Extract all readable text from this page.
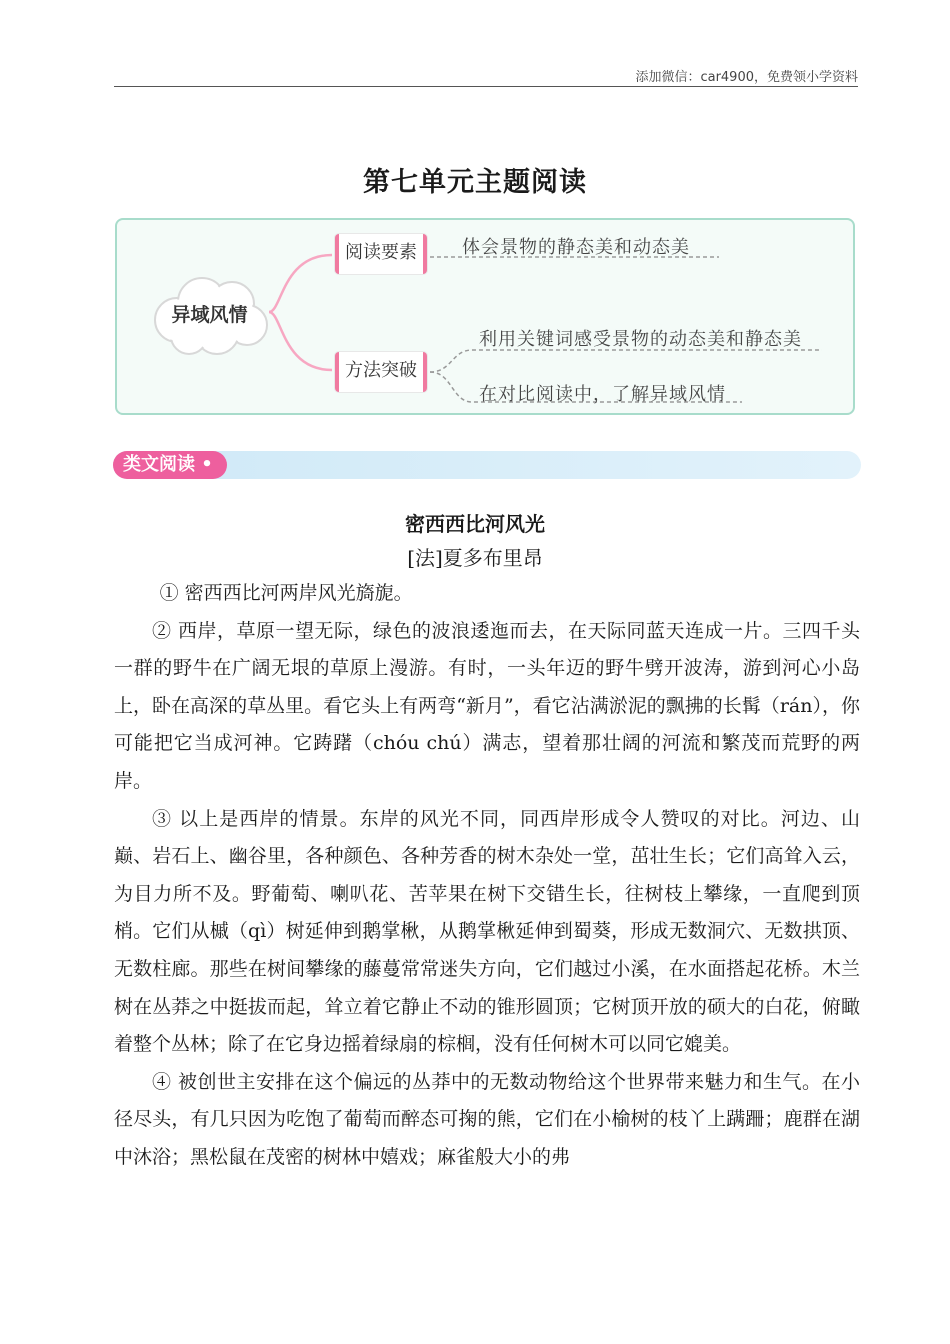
添加微信：car4900，免费领小学资料
第七单元主题阅读
异域风情
阅读要素
方法突破
体会景物的静态美和动态美
利用关键词感受景物的动态美和静态美
在对比阅读中，了解异域风情
类文阅读 •
密西西比河风光
[法]夏多布里昂

① 密西西比河两岸风光旖旎。

② 西岸，草原一望无际，绿色的波浪逶迤而去，在天际同蓝天连成一片。三四千头一群的野牛在广阔无垠的草原上漫游。有时，一头年迈的野牛劈开波涛，游到河心小岛上，卧在高深的草丛里。看它头上有两弯“新月”，看它沾满淤泥的飘拂的长髯（rán），你可能把它当成河神。它踌躇（chóu chú）满志，望着那壮阔的河流和繁茂而荒野的两岸。

③ 以上是西岸的情景。东岸的风光不同，同西岸形成令人赞叹的对比。河边、山巅、岩石上、幽谷里，各种颜色、各种芳香的树木杂处一堂，茁壮生长；它们高耸入云，为目力所不及。野葡萄、喇叭花、苦苹果在树下交错生长，往树枝上攀缘，一直爬到顶梢。它们从槭（qì）树延伸到鹅掌楸，从鹅掌楸延伸到蜀葵，形成无数洞穴、无数拱顶、无数柱廊。那些在树间攀缘的藤蔓常常迷失方向，它们越过小溪，在水面搭起花桥。木兰树在丛莽之中挺拔而起，耸立着它静止不动的锥形圆顶；它树顶开放的硕大的白花，俯瞰着整个丛林；除了在它身边摇着绿扇的棕榈，没有任何树木可以同它媲美。

④ 被创世主安排在这个偏远的丛莽中的无数动物给这个世界带来魅力和生气。在小径尽头，有几只因为吃饱了葡萄而醉态可掬的熊，它们在小榆树的枝丫上蹒跚；鹿群在湖中沐浴；黑松鼠在茂密的树林中嬉戏；麻雀般大小的弗
